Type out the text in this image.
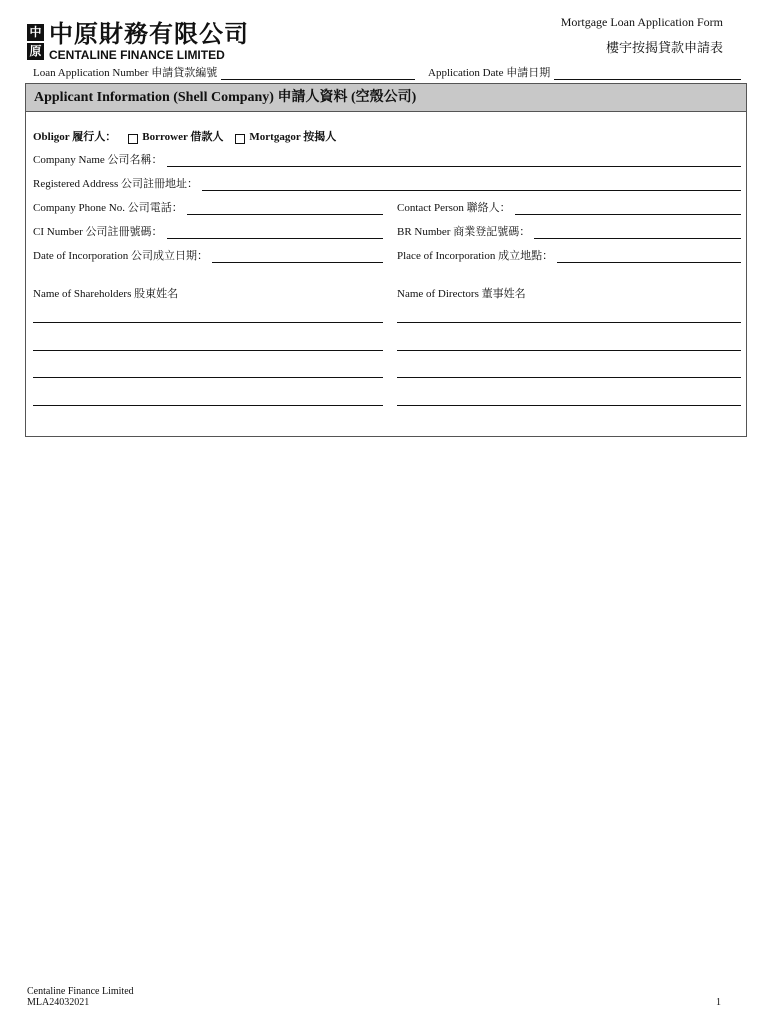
中
原
中原財務有限公司
CENTALINE FINANCE LIMITED
Mortgage Loan Application Form
樓宇按揭貸款申請表
Loan Application Number 申請貸款編號	Application Date 申請日期
Applicant Information (Shell Company) 申請人資料 (空殼公司)
Obligor 履行人： Borrower 借款人 Mortgagor 按揭人
Company Name 公司名稱：
Registered Address 公司註冊地址：
Company Phone No. 公司電話：	Contact Person 聯絡人：
CI Number 公司註冊號碼：	BR Number 商業登記號碼：
Date of Incorporation 公司成立日期：	Place of Incorporation 成立地點：
Name of Shareholders 股東姓名	Name of Directors 董事姓名
Centaline Finance Limited
MLA24032021	1
